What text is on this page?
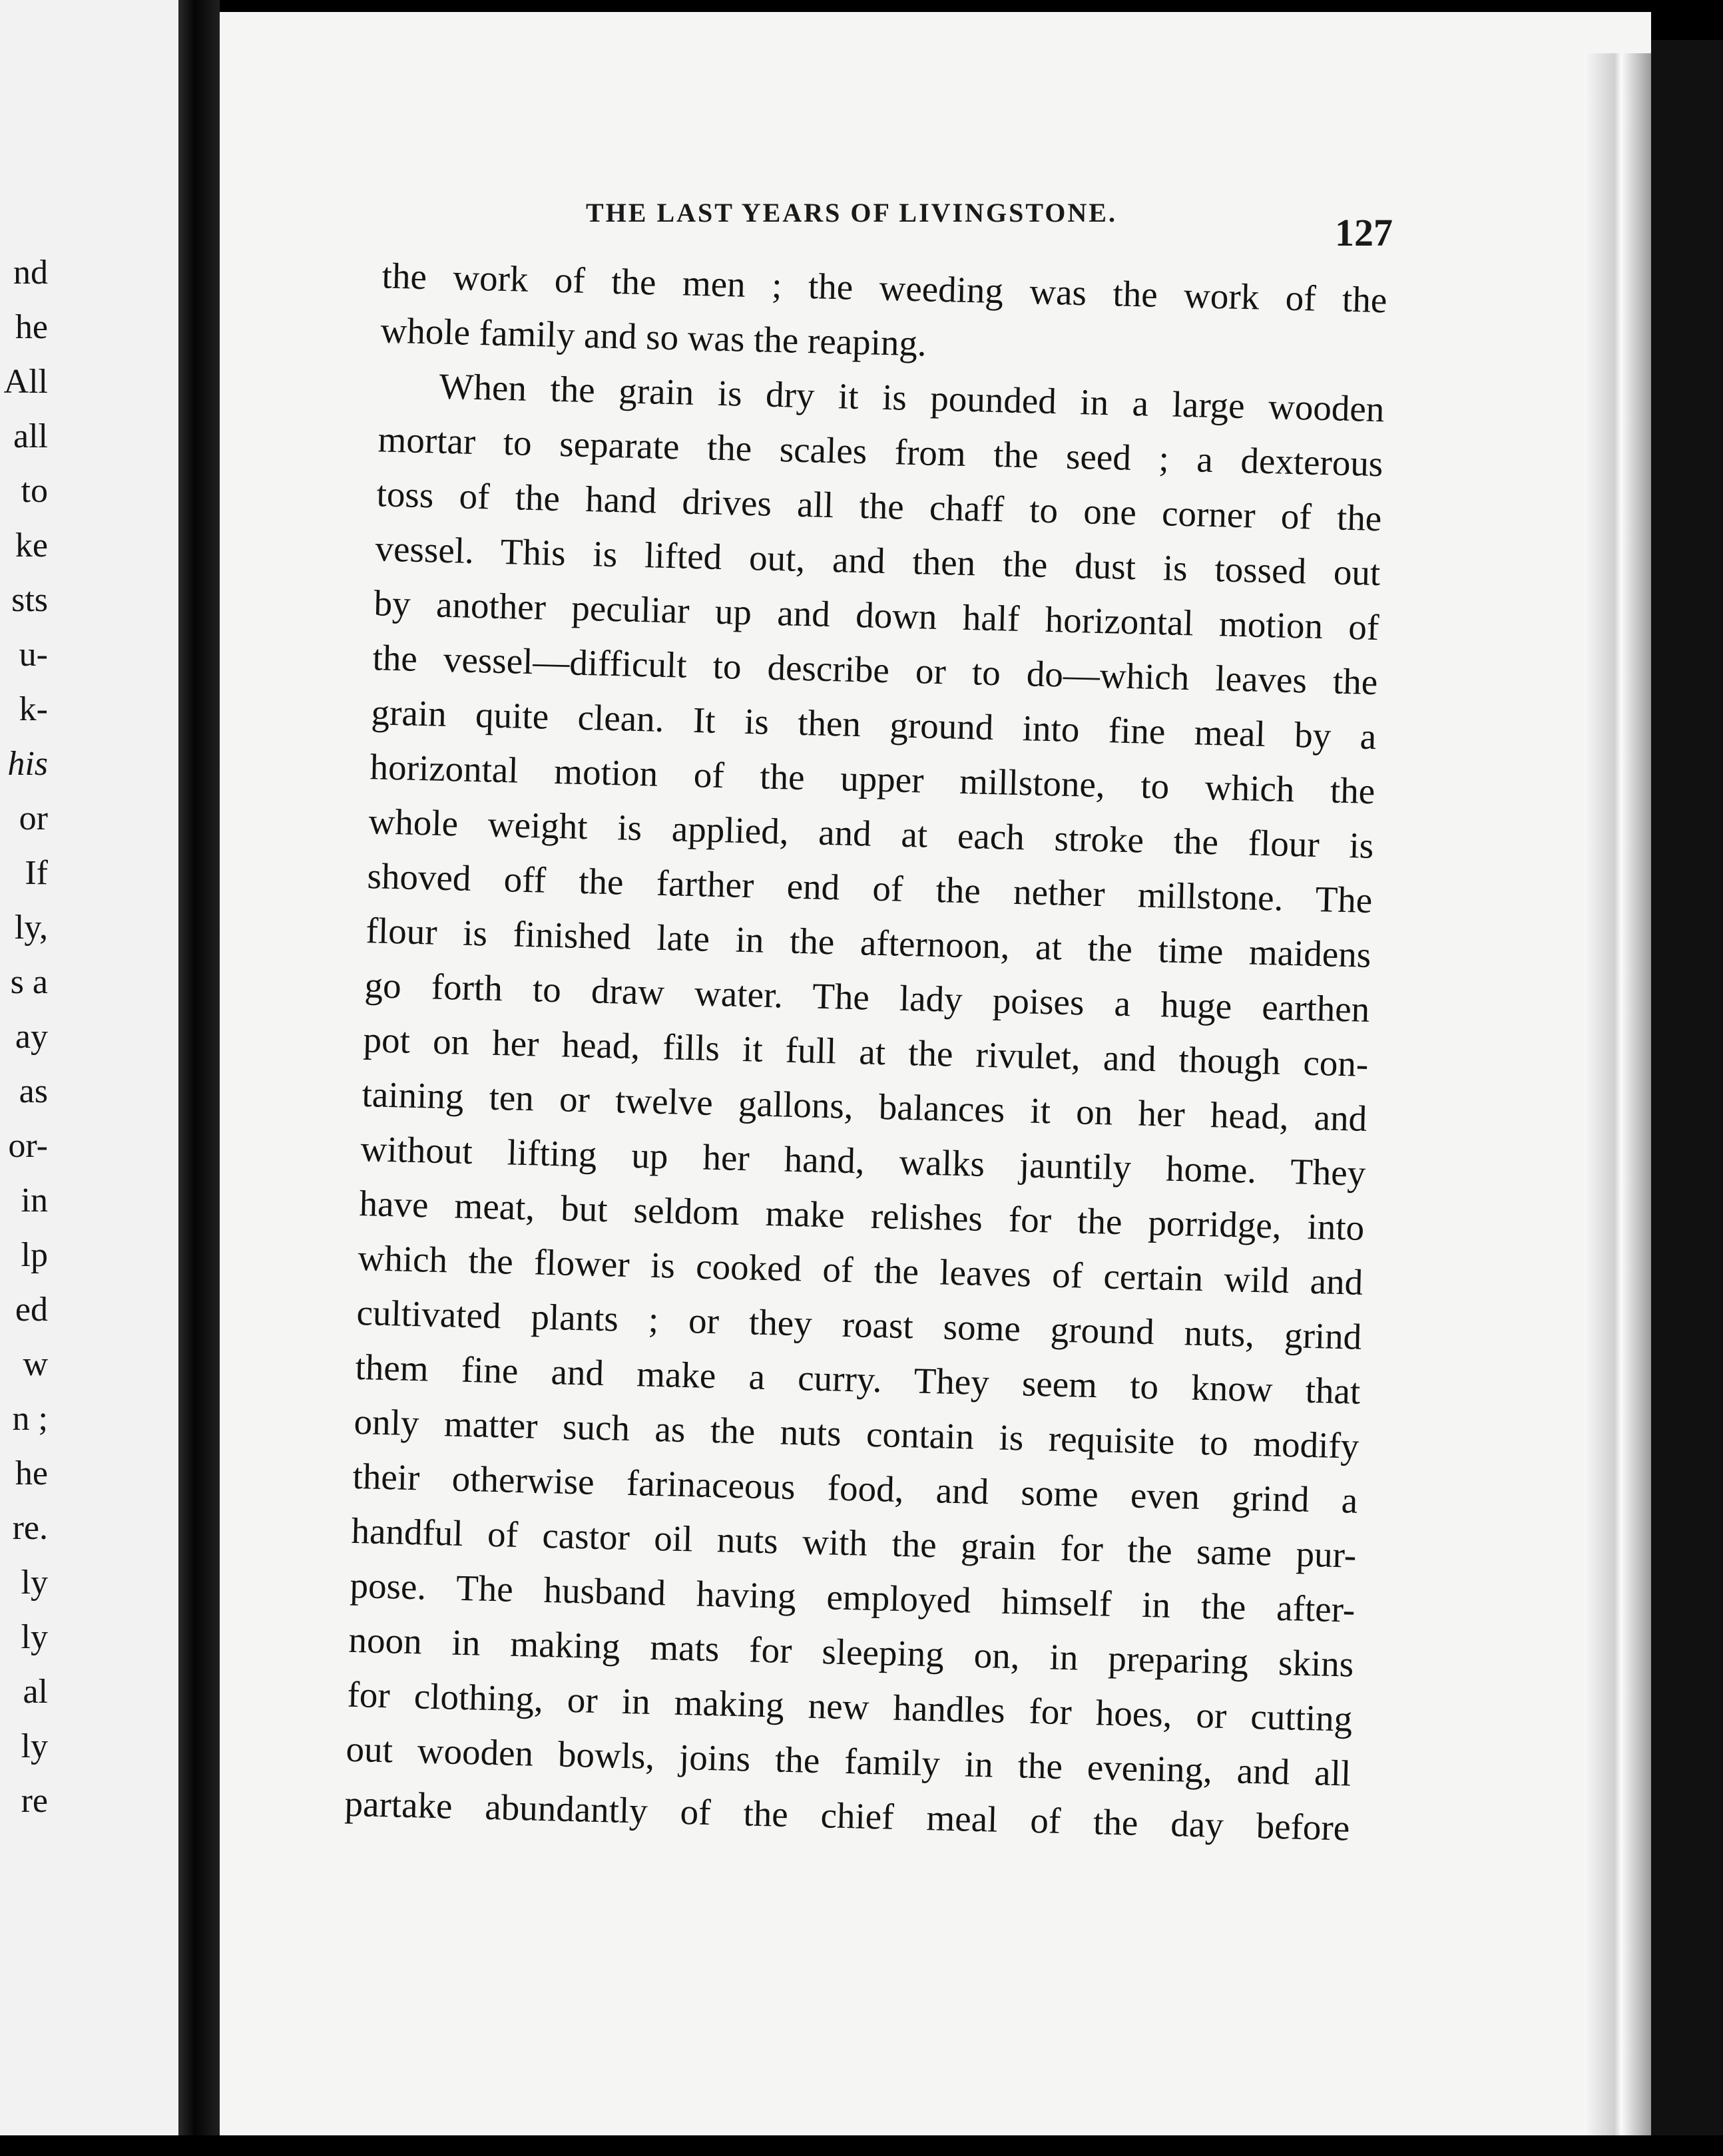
nd
he
All
all
to
ke
sts
u-
k-
his
or
If
ly,
s a
ay
as
or-
in
lp
ed
w
n ;
he
re.
ly
ly
al
ly
re
THE LAST YEARS OF LIVINGSTONE.	127
the work of the men ; the weeding was the work of the
whole family and so was the reaping.
When the grain is dry it is pounded in a large wooden
mortar to separate the scales from the seed ; a dexterous
toss of the hand drives all the chaff to one corner of the
vessel. This is lifted out, and then the dust is tossed out
by another peculiar up and down half horizontal motion of
the vessel—difficult to describe or to do—which leaves the
grain quite clean. It is then ground into fine meal by a
horizontal motion of the upper millstone, to which the
whole weight is applied, and at each stroke the flour is
shoved off the farther end of the nether millstone. The
flour is finished late in the afternoon, at the time maidens
go forth to draw water. The lady poises a huge earthen
pot on her head, fills it full at the rivulet, and though con-
taining ten or twelve gallons, balances it on her head, and
without lifting up her hand, walks jauntily home. They
have meat, but seldom make relishes for the porridge, into
which the flower is cooked of the leaves of certain wild and
cultivated plants ; or they roast some ground nuts, grind
them fine and make a curry. They seem to know that
only matter such as the nuts contain is requisite to modify
their otherwise farinaceous food, and some even grind a
handful of castor oil nuts with the grain for the same pur-
pose. The husband having employed himself in the after-
noon in making mats for sleeping on, in preparing skins
for clothing, or in making new handles for hoes, or cutting
out wooden bowls, joins the family in the evening, and all
partake abundantly of the chief meal of the day before
